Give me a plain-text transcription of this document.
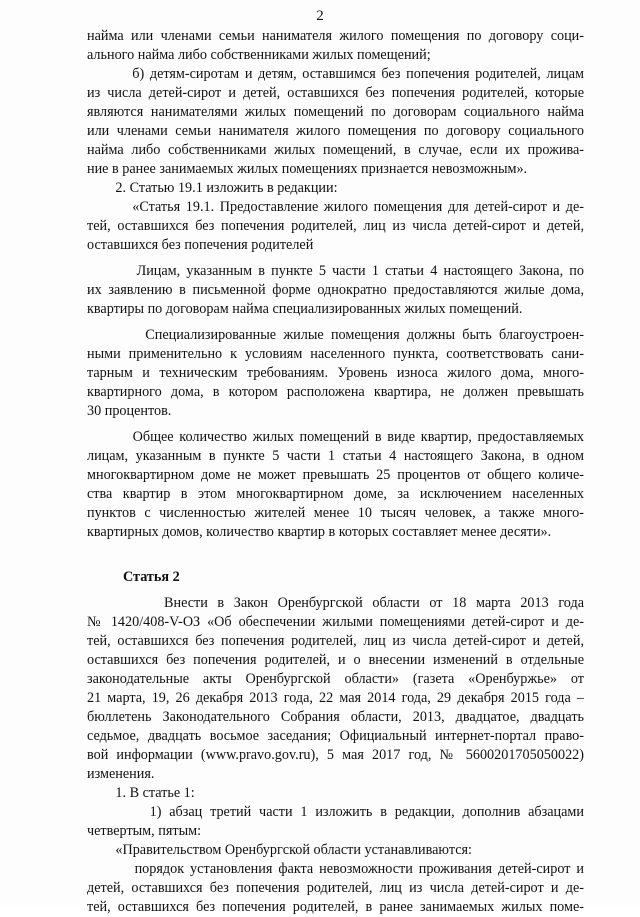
2
найма или членами семьи нанимателя жилого помещения по договору соци-
ального найма либо собственниками жилых помещений;
б) детям-сиротам и детям, оставшимся без попечения родителей, лицам
из числа детей-сирот и детей, оставшихся без попечения родителей, которые
являются нанимателями жилых помещений по договорам социального найма
или членами семьи нанимателя жилого помещения по договору социального
найма либо собственниками жилых помещений, в случае, если их прожива-
ние в ранее занимаемых жилых помещениях признается невозможным».
2. Статью 19.1 изложить в редакции:
«Статья 19.1. Предоставление жилого помещения для детей-сирот и де-
тей, оставшихся без попечения родителей, лиц из числа детей-сирот и детей,
оставшихся без попечения родителей
Лицам, указанным в пункте 5 части 1 статьи 4 настоящего Закона, по
их заявлению в письменной форме однократно предоставляются жилые дома,
квартиры по договорам найма специализированных жилых помещений.
Специализированные жилые помещения должны быть благоустроен-
ными применительно к условиям населенного пункта, соответствовать сани-
тарным и техническим требованиям. Уровень износа жилого дома, много-
квартирного дома, в котором расположена квартира, не должен превышать
30 процентов.
Общее количество жилых помещений в виде квартир, предоставляемых
лицам, указанным в пункте 5 части 1 статьи 4 настоящего Закона, в одном
многоквартирном доме не может превышать 25 процентов от общего количе-
ства квартир в этом многоквартирном доме, за исключением населенных
пунктов с численностью жителей менее 10 тысяч человек, а также много-
квартирных домов, количество квартир в которых составляет менее десяти».
Статья 2
Внести в Закон Оренбургской области от 18 марта 2013 года
№ 1420/408-V-ОЗ «Об обеспечении жилыми помещениями детей-сирот и де-
тей, оставшихся без попечения родителей, лиц из числа детей-сирот и детей,
оставшихся без попечения родителей, и о внесении изменений в отдельные
законодательные акты Оренбургской области» (газета «Оренбуржье» от
21 марта, 19, 26 декабря 2013 года, 22 мая 2014 года, 29 декабря 2015 года –
бюллетень Законодательного Собрания области, 2013, двадцатое, двадцать
седьмое, двадцать восьмое заседания; Официальный интернет-портал право-
вой информации (www.pravo.gov.ru), 5 мая 2017 год, № 5600201705050022)
изменения.
1. В статье 1:
1) абзац третий части 1 изложить в редакции, дополнив абзацами
четвертым, пятым:
«Правительством Оренбургской области устанавливаются:
порядок установления факта невозможности проживания детей-сирот и
детей, оставшихся без попечения родителей, лиц из числа детей-сирот и де-
тей, оставшихся без попечения родителей, в ранее занимаемых жилых поме-
